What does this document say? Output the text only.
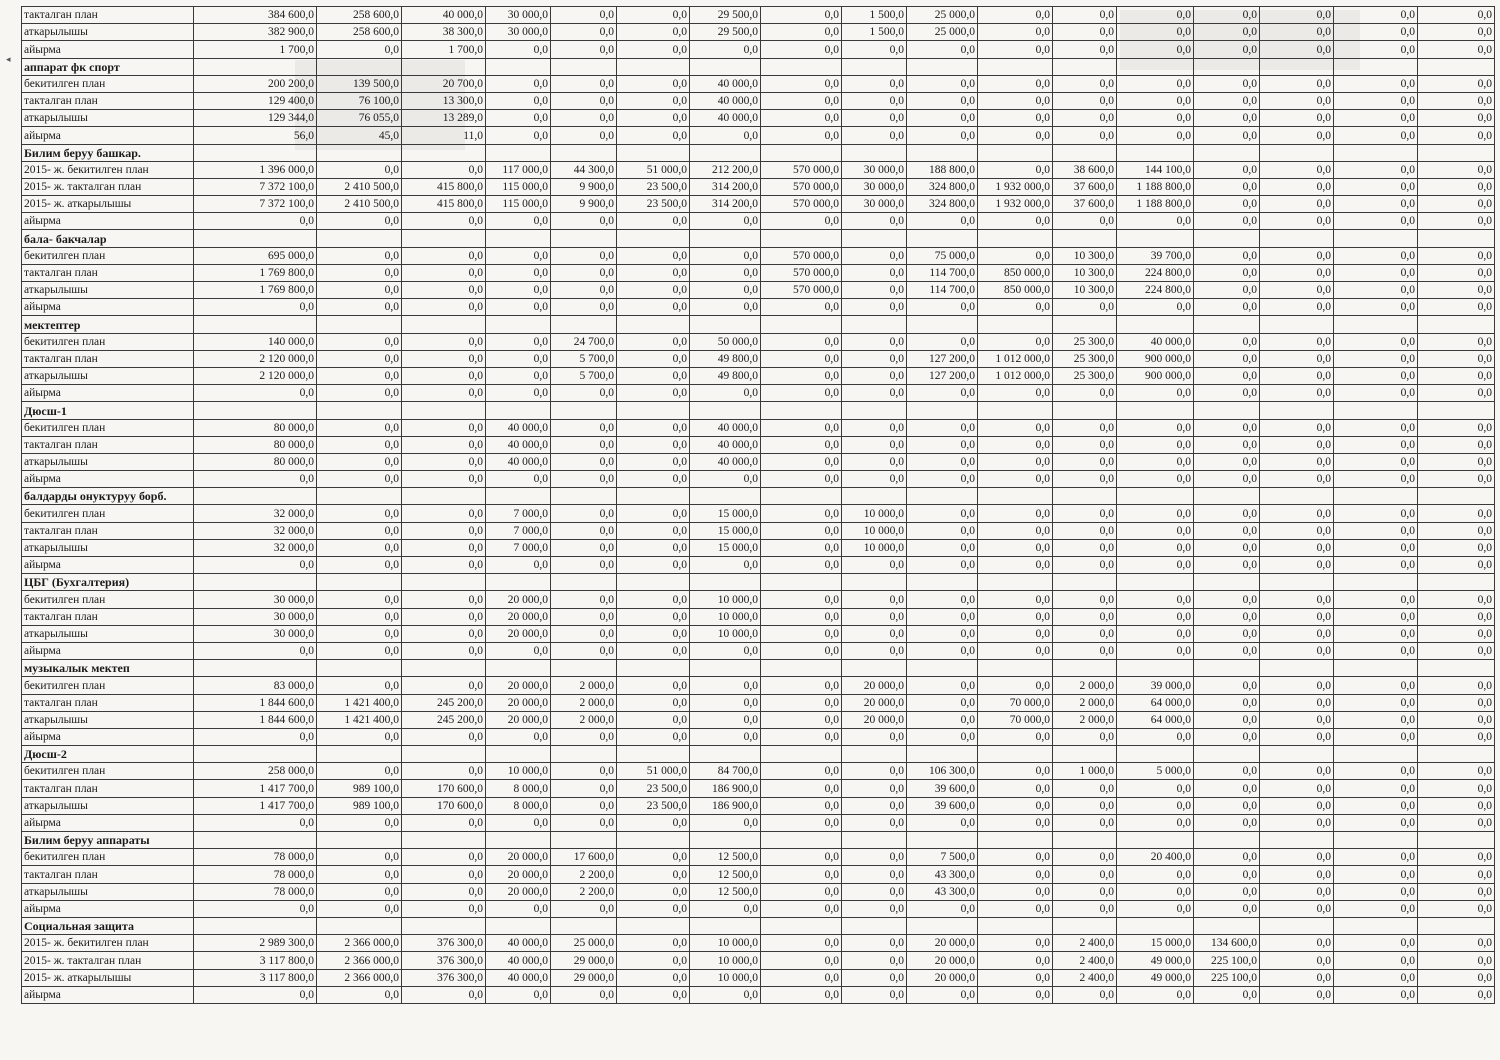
◂
такталган план	384 600,0	258 600,0	40 000,0	30 000,0	0,0	0,0	29 500,0	0,0	1 500,0	25 000,0	0,0	0,0	0,0	0,0	0,0	0,0	0,0
аткарылышы	382 900,0	258 600,0	38 300,0	30 000,0	0,0	0,0	29 500,0	0,0	1 500,0	25 000,0	0,0	0,0	0,0	0,0	0,0	0,0	0,0
айырма	1 700,0	0,0	1 700,0	0,0	0,0	0,0	0,0	0,0	0,0	0,0	0,0	0,0	0,0	0,0	0,0	0,0	0,0
аппарат фк спорт																	
бекитилген план	200 200,0	139 500,0	20 700,0	0,0	0,0	0,0	40 000,0	0,0	0,0	0,0	0,0	0,0	0,0	0,0	0,0	0,0	0,0
такталган план	129 400,0	76 100,0	13 300,0	0,0	0,0	0,0	40 000,0	0,0	0,0	0,0	0,0	0,0	0,0	0,0	0,0	0,0	0,0
аткарылышы	129 344,0	76 055,0	13 289,0	0,0	0,0	0,0	40 000,0	0,0	0,0	0,0	0,0	0,0	0,0	0,0	0,0	0,0	0,0
айырма	56,0	45,0	11,0	0,0	0,0	0,0	0,0	0,0	0,0	0,0	0,0	0,0	0,0	0,0	0,0	0,0	0,0
Билим беруу башкар.																	
2015- ж. бекитилген план	1 396 000,0	0,0	0,0	117 000,0	44 300,0	51 000,0	212 200,0	570 000,0	30 000,0	188 800,0	0,0	38 600,0	144 100,0	0,0	0,0	0,0	0,0
2015- ж. такталган план	7 372 100,0	2 410 500,0	415 800,0	115 000,0	9 900,0	23 500,0	314 200,0	570 000,0	30 000,0	324 800,0	1 932 000,0	37 600,0	1 188 800,0	0,0	0,0	0,0	0,0
2015- ж. аткарылышы	7 372 100,0	2 410 500,0	415 800,0	115 000,0	9 900,0	23 500,0	314 200,0	570 000,0	30 000,0	324 800,0	1 932 000,0	37 600,0	1 188 800,0	0,0	0,0	0,0	0,0
айырма	0,0	0,0	0,0	0,0	0,0	0,0	0,0	0,0	0,0	0,0	0,0	0,0	0,0	0,0	0,0	0,0	0,0
бала- бакчалар																	
бекитилген план	695 000,0	0,0	0,0	0,0	0,0	0,0	0,0	570 000,0	0,0	75 000,0	0,0	10 300,0	39 700,0	0,0	0,0	0,0	0,0
такталган план	1 769 800,0	0,0	0,0	0,0	0,0	0,0	0,0	570 000,0	0,0	114 700,0	850 000,0	10 300,0	224 800,0	0,0	0,0	0,0	0,0
аткарылышы	1 769 800,0	0,0	0,0	0,0	0,0	0,0	0,0	570 000,0	0,0	114 700,0	850 000,0	10 300,0	224 800,0	0,0	0,0	0,0	0,0
айырма	0,0	0,0	0,0	0,0	0,0	0,0	0,0	0,0	0,0	0,0	0,0	0,0	0,0	0,0	0,0	0,0	0,0
мектептер																	
бекитилген план	140 000,0	0,0	0,0	0,0	24 700,0	0,0	50 000,0	0,0	0,0	0,0	0,0	25 300,0	40 000,0	0,0	0,0	0,0	0,0
такталган план	2 120 000,0	0,0	0,0	0,0	5 700,0	0,0	49 800,0	0,0	0,0	127 200,0	1 012 000,0	25 300,0	900 000,0	0,0	0,0	0,0	0,0
аткарылышы	2 120 000,0	0,0	0,0	0,0	5 700,0	0,0	49 800,0	0,0	0,0	127 200,0	1 012 000,0	25 300,0	900 000,0	0,0	0,0	0,0	0,0
айырма	0,0	0,0	0,0	0,0	0,0	0,0	0,0	0,0	0,0	0,0	0,0	0,0	0,0	0,0	0,0	0,0	0,0
Дюсш-1																	
бекитилген план	80 000,0	0,0	0,0	40 000,0	0,0	0,0	40 000,0	0,0	0,0	0,0	0,0	0,0	0,0	0,0	0,0	0,0	0,0
такталган план	80 000,0	0,0	0,0	40 000,0	0,0	0,0	40 000,0	0,0	0,0	0,0	0,0	0,0	0,0	0,0	0,0	0,0	0,0
аткарылышы	80 000,0	0,0	0,0	40 000,0	0,0	0,0	40 000,0	0,0	0,0	0,0	0,0	0,0	0,0	0,0	0,0	0,0	0,0
айырма	0,0	0,0	0,0	0,0	0,0	0,0	0,0	0,0	0,0	0,0	0,0	0,0	0,0	0,0	0,0	0,0	0,0
балдарды онуктуруу борб.																	
бекитилген план	32 000,0	0,0	0,0	7 000,0	0,0	0,0	15 000,0	0,0	10 000,0	0,0	0,0	0,0	0,0	0,0	0,0	0,0	0,0
такталган план	32 000,0	0,0	0,0	7 000,0	0,0	0,0	15 000,0	0,0	10 000,0	0,0	0,0	0,0	0,0	0,0	0,0	0,0	0,0
аткарылышы	32 000,0	0,0	0,0	7 000,0	0,0	0,0	15 000,0	0,0	10 000,0	0,0	0,0	0,0	0,0	0,0	0,0	0,0	0,0
айырма	0,0	0,0	0,0	0,0	0,0	0,0	0,0	0,0	0,0	0,0	0,0	0,0	0,0	0,0	0,0	0,0	0,0
ЦБГ (Бухгалтерия)																	
бекитилген план	30 000,0	0,0	0,0	20 000,0	0,0	0,0	10 000,0	0,0	0,0	0,0	0,0	0,0	0,0	0,0	0,0	0,0	0,0
такталган план	30 000,0	0,0	0,0	20 000,0	0,0	0,0	10 000,0	0,0	0,0	0,0	0,0	0,0	0,0	0,0	0,0	0,0	0,0
аткарылышы	30 000,0	0,0	0,0	20 000,0	0,0	0,0	10 000,0	0,0	0,0	0,0	0,0	0,0	0,0	0,0	0,0	0,0	0,0
айырма	0,0	0,0	0,0	0,0	0,0	0,0	0,0	0,0	0,0	0,0	0,0	0,0	0,0	0,0	0,0	0,0	0,0
музыкалык мектеп																	
бекитилген план	83 000,0	0,0	0,0	20 000,0	2 000,0	0,0	0,0	0,0	20 000,0	0,0	0,0	2 000,0	39 000,0	0,0	0,0	0,0	0,0
такталган план	1 844 600,0	1 421 400,0	245 200,0	20 000,0	2 000,0	0,0	0,0	0,0	20 000,0	0,0	70 000,0	2 000,0	64 000,0	0,0	0,0	0,0	0,0
аткарылышы	1 844 600,0	1 421 400,0	245 200,0	20 000,0	2 000,0	0,0	0,0	0,0	20 000,0	0,0	70 000,0	2 000,0	64 000,0	0,0	0,0	0,0	0,0
айырма	0,0	0,0	0,0	0,0	0,0	0,0	0,0	0,0	0,0	0,0	0,0	0,0	0,0	0,0	0,0	0,0	0,0
Дюсш-2																	
бекитилген план	258 000,0	0,0	0,0	10 000,0	0,0	51 000,0	84 700,0	0,0	0,0	106 300,0	0,0	1 000,0	5 000,0	0,0	0,0	0,0	0,0
такталган план	1 417 700,0	989 100,0	170 600,0	8 000,0	0,0	23 500,0	186 900,0	0,0	0,0	39 600,0	0,0	0,0	0,0	0,0	0,0	0,0	0,0
аткарылышы	1 417 700,0	989 100,0	170 600,0	8 000,0	0,0	23 500,0	186 900,0	0,0	0,0	39 600,0	0,0	0,0	0,0	0,0	0,0	0,0	0,0
айырма	0,0	0,0	0,0	0,0	0,0	0,0	0,0	0,0	0,0	0,0	0,0	0,0	0,0	0,0	0,0	0,0	0,0
Билим беруу аппараты																	
бекитилген план	78 000,0	0,0	0,0	20 000,0	17 600,0	0,0	12 500,0	0,0	0,0	7 500,0	0,0	0,0	20 400,0	0,0	0,0	0,0	0,0
такталган план	78 000,0	0,0	0,0	20 000,0	2 200,0	0,0	12 500,0	0,0	0,0	43 300,0	0,0	0,0	0,0	0,0	0,0	0,0	0,0
аткарылышы	78 000,0	0,0	0,0	20 000,0	2 200,0	0,0	12 500,0	0,0	0,0	43 300,0	0,0	0,0	0,0	0,0	0,0	0,0	0,0
айырма	0,0	0,0	0,0	0,0	0,0	0,0	0,0	0,0	0,0	0,0	0,0	0,0	0,0	0,0	0,0	0,0	0,0
Социальная защита																	
2015- ж. бекитилген план	2 989 300,0	2 366 000,0	376 300,0	40 000,0	25 000,0	0,0	10 000,0	0,0	0,0	20 000,0	0,0	2 400,0	15 000,0	134 600,0	0,0	0,0	0,0
2015- ж. такталган план	3 117 800,0	2 366 000,0	376 300,0	40 000,0	29 000,0	0,0	10 000,0	0,0	0,0	20 000,0	0,0	2 400,0	49 000,0	225 100,0	0,0	0,0	0,0
2015- ж. аткарылышы	3 117 800,0	2 366 000,0	376 300,0	40 000,0	29 000,0	0,0	10 000,0	0,0	0,0	20 000,0	0,0	2 400,0	49 000,0	225 100,0	0,0	0,0	0,0
айырма	0,0	0,0	0,0	0,0	0,0	0,0	0,0	0,0	0,0	0,0	0,0	0,0	0,0	0,0	0,0	0,0	0,0
